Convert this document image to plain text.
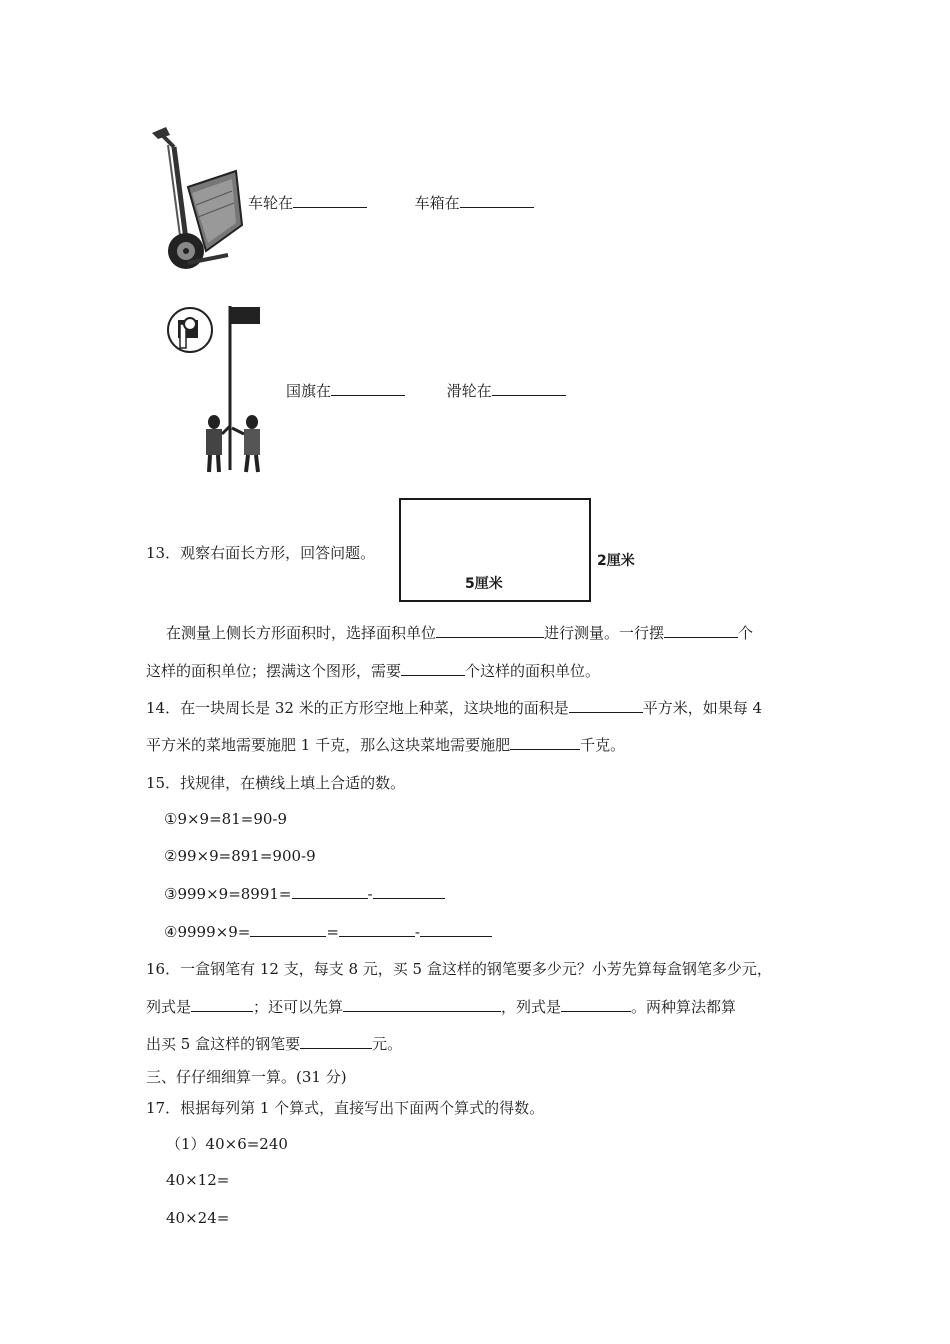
车轮在	车箱在
国旗在	滑轮在
13．观察右面长方形，回答问题。
5厘米
2厘米
在测量上侧长方形面积时，选择面积单位	进行测量。一行摆	个
这样的面积单位；摆满这个图形，需要	个这样的面积单位。
14．在一块周长是 32 米的正方形空地上种菜，这块地的面积是	平方米，如果每 4
平方米的菜地需要施肥 1 千克，那么这块菜地需要施肥	千克。
15．找规律，在横线上填上合适的数。
①9×9=81=90-9
②99×9=891=900-9
③999×9=8991=	-
④9999×9=	=	-
16．一盒钢笔有 12 支，每支 8 元，买 5 盒这样的钢笔要多少元？小芳先算每盒钢笔多少元，
列式是	；还可以先算	，列式是	。两种算法都算
出买 5 盒这样的钢笔要	元。
三、仔仔细细算一算。(31 分)
17．根据每列第 1 个算式，直接写出下面两个算式的得数。
（1）40×6=240
40×12=
40×24=
